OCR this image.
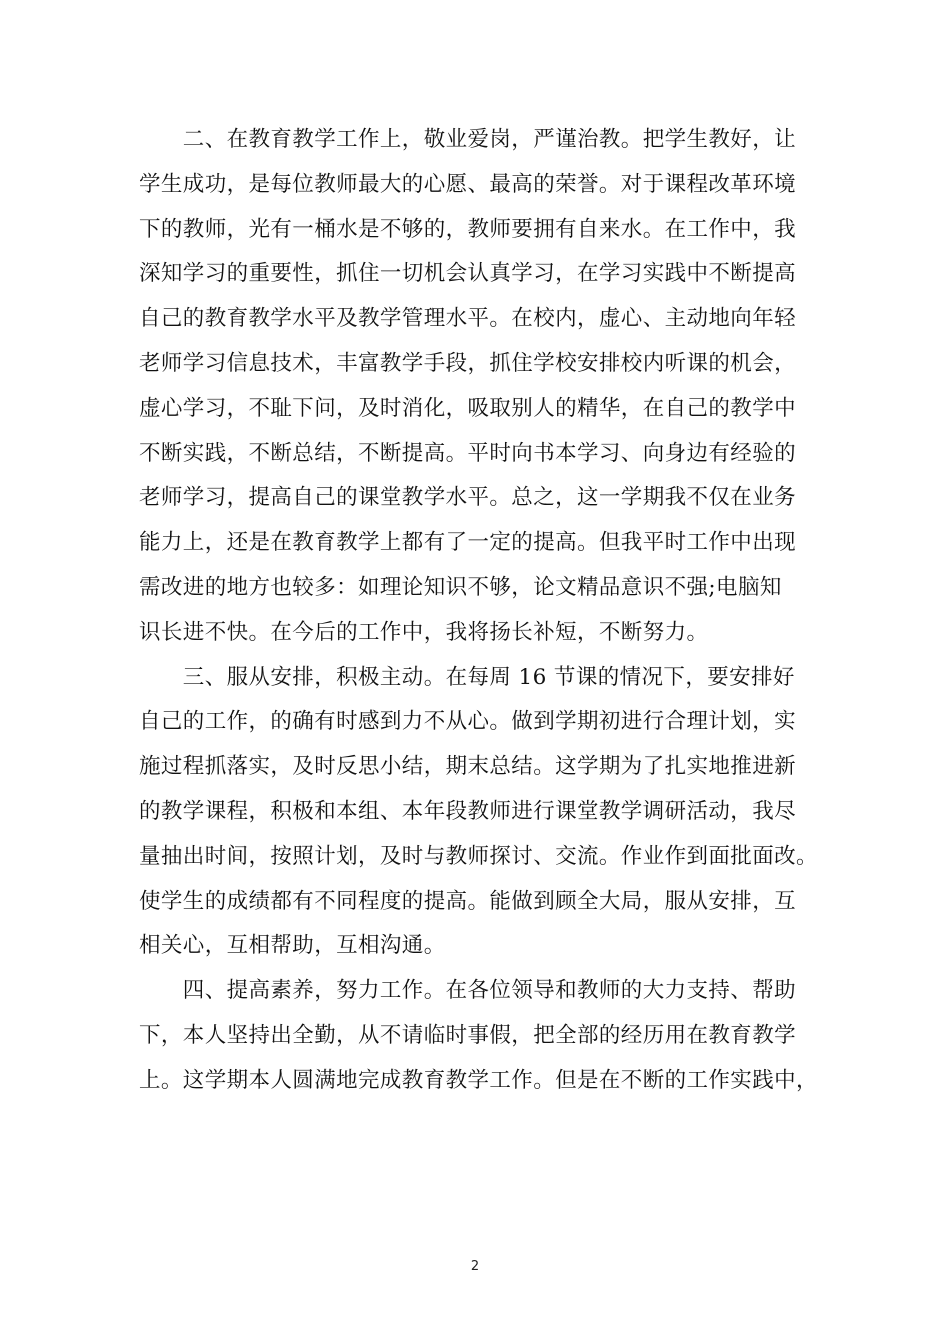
　　二、在教育教学工作上，敬业爱岗，严谨治教。把学生教好，让
学生成功，是每位教师最大的心愿、最高的荣誉。对于课程改革环境
下的教师，光有一桶水是不够的，教师要拥有自来水。在工作中，我
深知学习的重要性，抓住一切机会认真学习，在学习实践中不断提高
自己的教育教学水平及教学管理水平。在校内，虚心、主动地向年轻
老师学习信息技术，丰富教学手段，抓住学校安排校内听课的机会，
虚心学习，不耻下问，及时消化，吸取别人的精华，在自己的教学中
不断实践，不断总结，不断提高。平时向书本学习、向身边有经验的
老师学习，提高自己的课堂教学水平。总之，这一学期我不仅在业务
能力上，还是在教育教学上都有了一定的提高。但我平时工作中出现
需改进的地方也较多：如理论知识不够，论文精品意识不强;电脑知
识长进不快。在今后的工作中，我将扬长补短，不断努力。
　　三、服从安排，积极主动。在每周 16 节课的情况下，要安排好
自己的工作，的确有时感到力不从心。做到学期初进行合理计划，实
施过程抓落实，及时反思小结，期末总结。这学期为了扎实地推进新
的教学课程，积极和本组、本年段教师进行课堂教学调研活动，我尽
量抽出时间，按照计划，及时与教师探讨、交流。作业作到面批面改。
使学生的成绩都有不同程度的提高。能做到顾全大局，服从安排，互
相关心，互相帮助，互相沟通。
　　四、提高素养，努力工作。在各位领导和教师的大力支持、帮助
下，本人坚持出全勤，从不请临时事假，把全部的经历用在教育教学
上。这学期本人圆满地完成教育教学工作。但是在不断的工作实践中，
2
